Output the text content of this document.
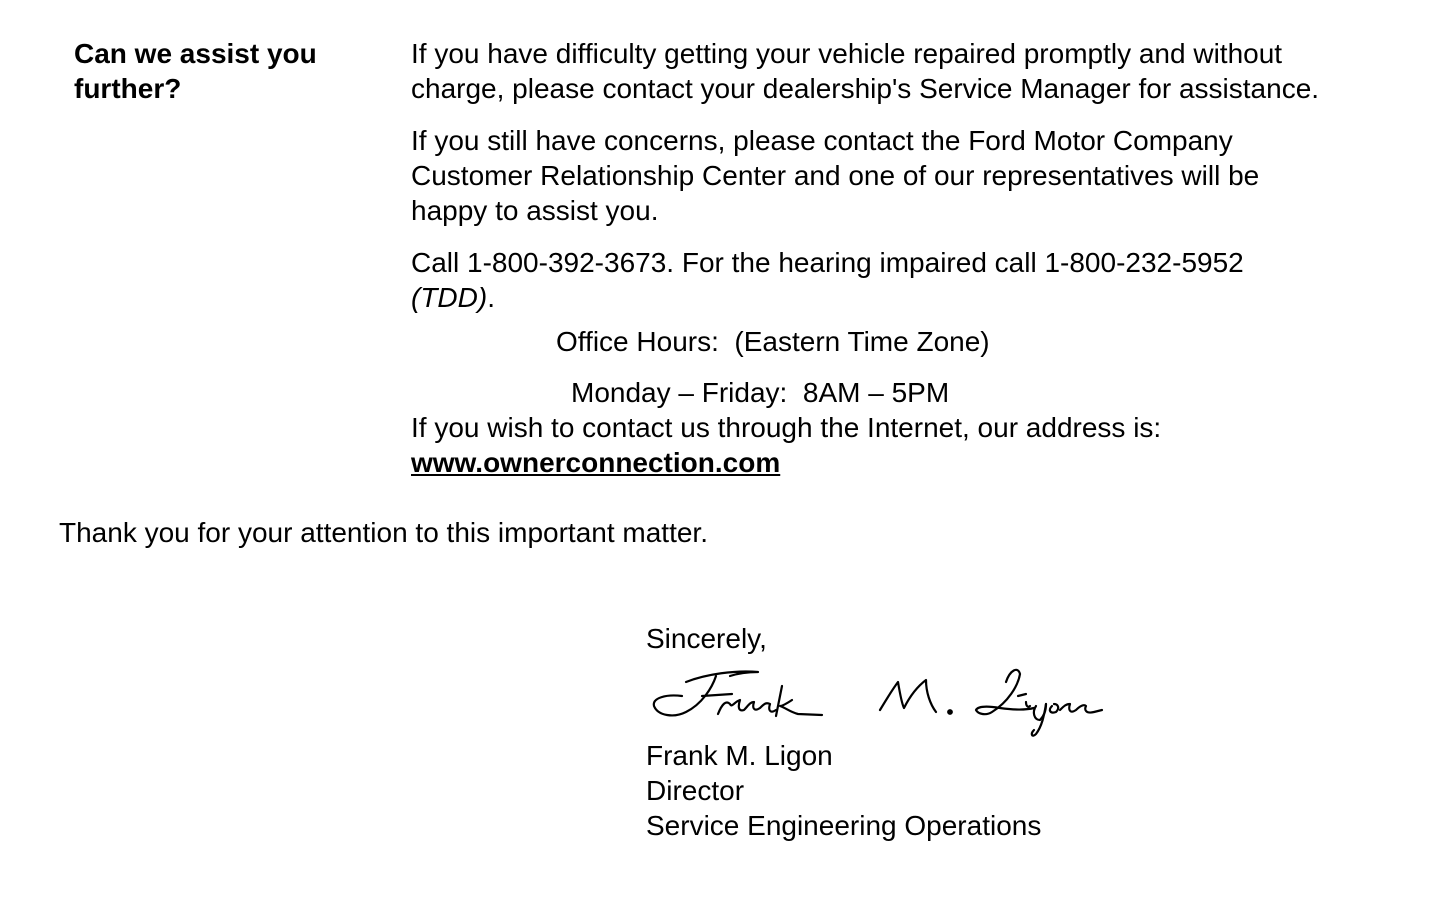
Can we assist you
further?
If you have difficulty getting your vehicle repaired promptly and without
charge, please contact your dealership's Service Manager for assistance.
If you still have concerns, please contact the Ford Motor Company
Customer Relationship Center and one of our representatives will be
happy to assist you.
Call 1-800-392-3673. For the hearing impaired call 1-800-232-5952
(TDD).
Office Hours:  (Eastern Time Zone)
Monday – Friday:  8AM – 5PM
If you wish to contact us through the Internet, our address is:
www.ownerconnection.com
Thank you for your attention to this important matter.
Sincerely,
Frank M. Ligon
Director
Service Engineering Operations
